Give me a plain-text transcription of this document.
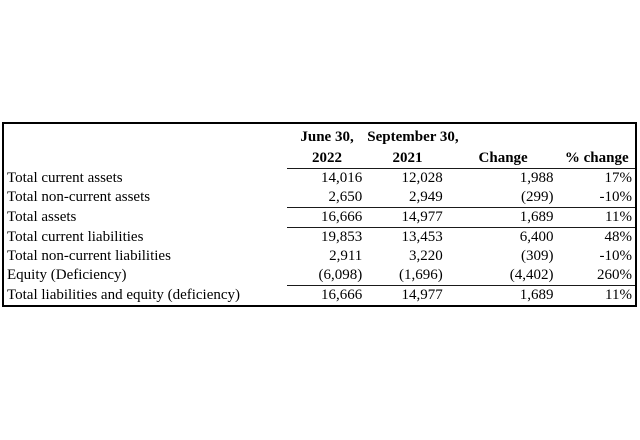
	June 30,	September 30,		
	2022	2021	Change	% change
Total current assets	14,016	12,028	1,988	17%
Total non-current assets	2,650	2,949	(299)	-10%
Total assets	16,666	14,977	1,689	11%
Total current liabilities	19,853	13,453	6,400	48%
Total non-current liabilities	2,911	3,220	(309)	-10%
Equity (Deficiency)	(6,098)	(1,696)	(4,402)	260%
Total liabilities and equity (deficiency)	16,666	14,977	1,689	11%
